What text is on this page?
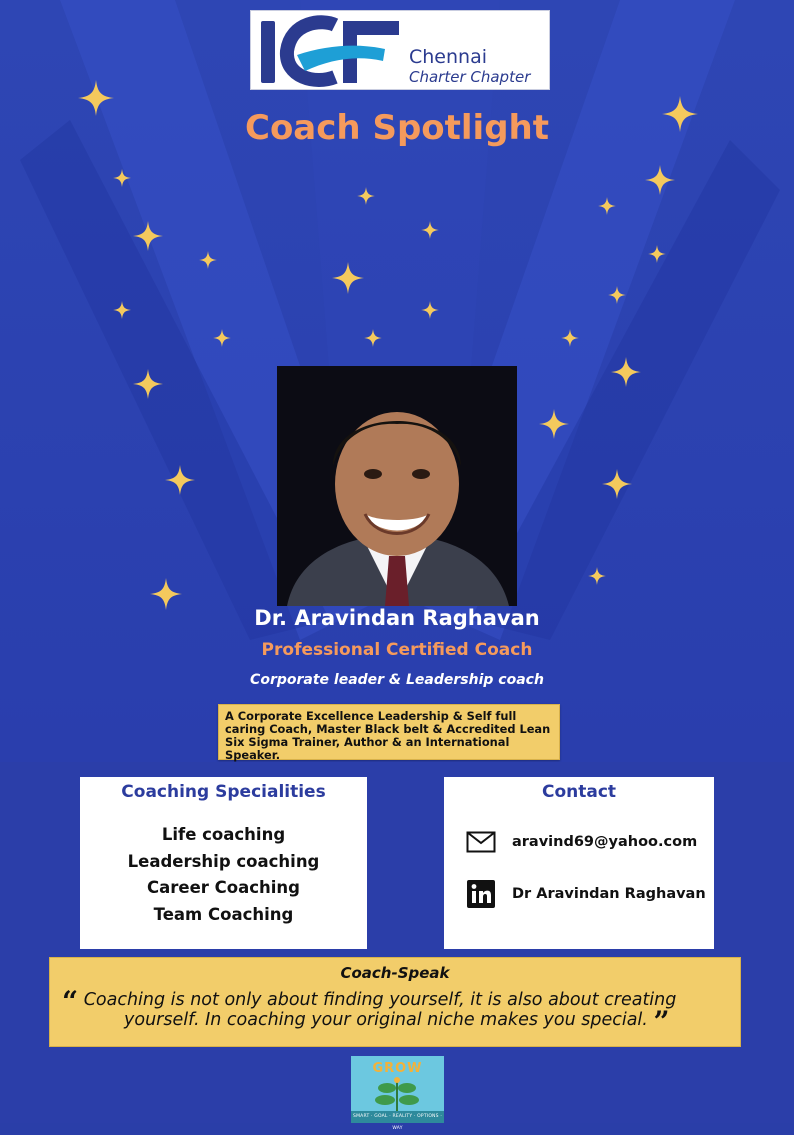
Chennai
Charter Chapter
Coach Spotlight
Dr. Aravindan Raghavan
Professional Certified Coach
Corporate leader & Leadership coach
A Corporate Excellence Leadership & Self full caring Coach, Master Black belt & Accredited Lean Six Sigma Trainer, Author & an International Speaker.
Coaching Specialities
Life coaching
Leadership coaching
Career Coaching
Team Coaching
Contact
aravind69@yahoo.com
Dr Aravindan Raghavan
Coach-Speak
“ Coaching is not only about finding yourself, it is also about creating
yourself. In coaching your original niche makes you special. ”
GROW
SMART · GOAL · REALITY · OPTIONS · WAY
